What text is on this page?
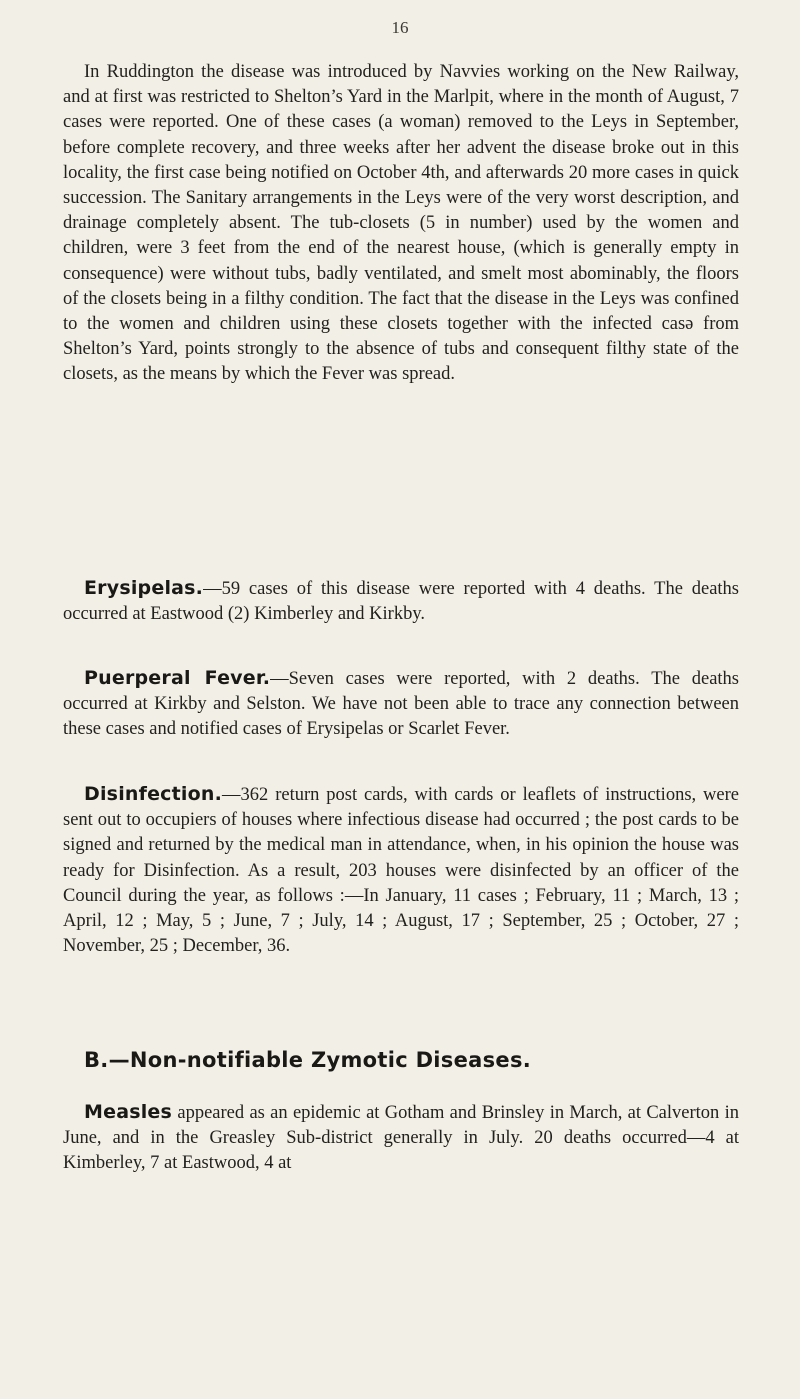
16

In Ruddington the disease was introduced by Navvies working on the New Railway, and at first was restricted to Shelton’s Yard in the Marlpit, where in the month of August, 7 cases were reported. One of these cases (a woman) removed to the Leys in September, before complete recovery, and three weeks after her advent the disease broke out in this locality, the first case being notified on October 4th, and afterwards 20 more cases in quick succession. The Sanitary arrangements in the Leys were of the very worst description, and drainage completely absent. The tub-closets (5 in number) used by the women and children, were 3 feet from the end of the nearest house, (which is generally empty in consequence) were without tubs, badly ventilated, and smelt most abominably, the floors of the closets being in a filthy condition. The fact that the disease in the Leys was confined to the women and children using these closets together with the infected casə from Shelton’s Yard, points strongly to the absence of tubs and consequent filthy state of the closets, as the means by which the Fever was spread.

Erysipelas.—59 cases of this disease were reported with 4 deaths. The deaths occurred at Eastwood (2) Kimberley and Kirkby.

Puerperal Fever.—Seven cases were reported, with 2 deaths. The deaths occurred at Kirkby and Selston. We have not been able to trace any connection between these cases and notified cases of Erysipelas or Scarlet Fever.

Disinfection.—362 return post cards, with cards or leaflets of instructions, were sent out to occupiers of houses where infectious disease had occurred ; the post cards to be signed and returned by the medical man in attendance, when, in his opinion the house was ready for Disinfection. As a result, 203 houses were disinfected by an officer of the Council during the year, as follows :—In January, 11 cases ; February, 11 ; March, 13 ; April, 12 ; May, 5 ; June, 7 ; July, 14 ; August, 17 ; September, 25 ; October, 27 ; November, 25 ; December, 36.

B.—Non-notifiable Zymotic Diseases.

Measles appeared as an epidemic at Gotham and Brinsley in March, at Calverton in June, and in the Greasley Sub-district generally in July. 20 deaths occurred—4 at Kimberley, 7 at Eastwood, 4 at
